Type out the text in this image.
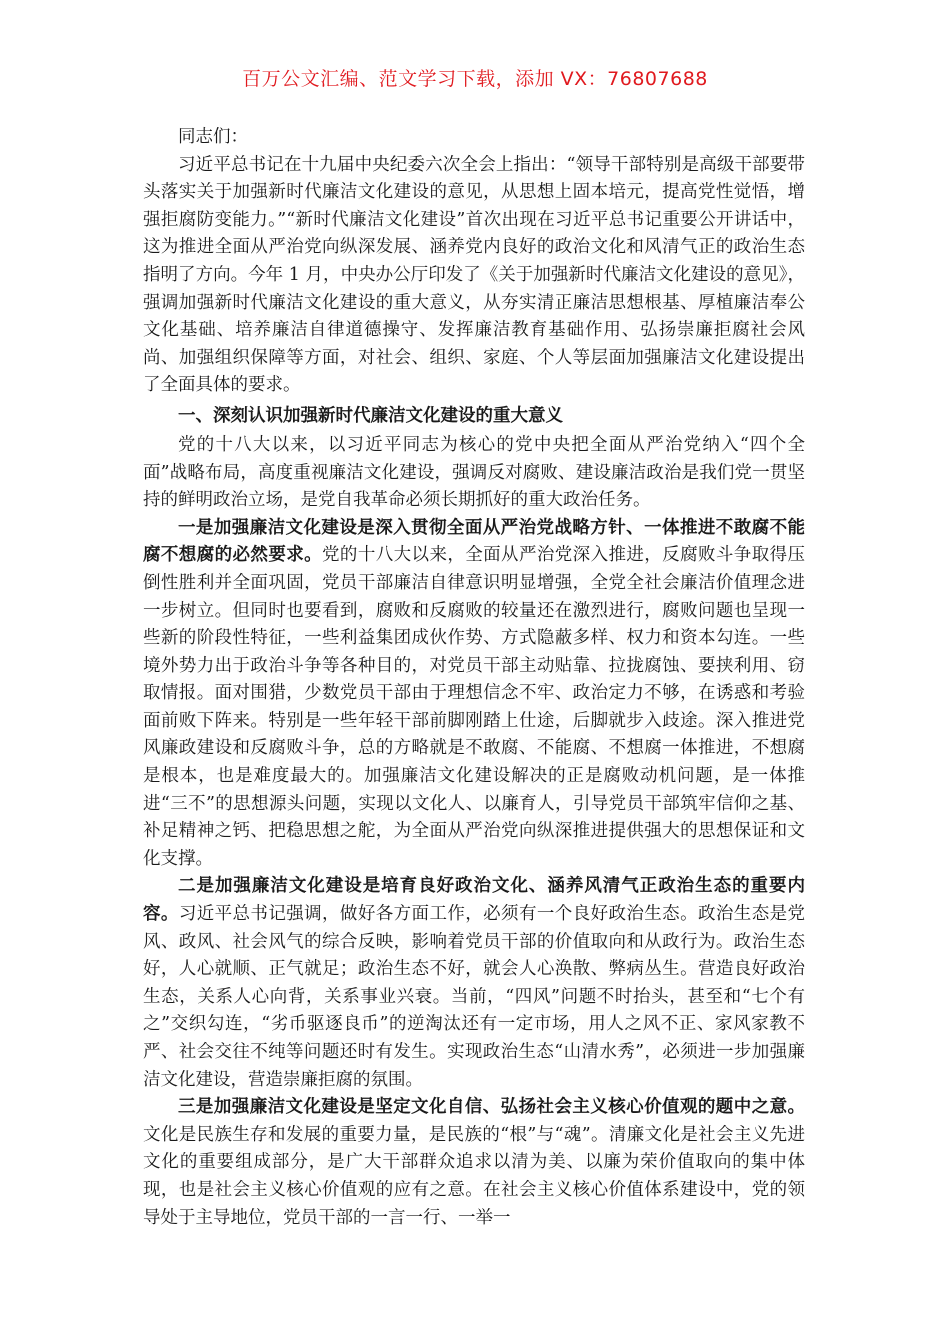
百万公文汇编、范文学习下载，添加 VX：76807688

同志们：

习近平总书记在十九届中央纪委六次全会上指出：“领导干部特别是高级干部要带头落实关于加强新时代廉洁文化建设的意见，从思想上固本培元，提高党性觉悟，增强拒腐防变能力。”“新时代廉洁文化建设”首次出现在习近平总书记重要公开讲话中，这为推进全面从严治党向纵深发展、涵养党内良好的政治文化和风清气正的政治生态指明了方向。今年 1 月，中央办公厅印发了《关于加强新时代廉洁文化建设的意见》，强调加强新时代廉洁文化建设的重大意义，从夯实清正廉洁思想根基、厚植廉洁奉公文化基础、培养廉洁自律道德操守、发挥廉洁教育基础作用、弘扬崇廉拒腐社会风尚、加强组织保障等方面，对社会、组织、家庭、个人等层面加强廉洁文化建设提出了全面具体的要求。

一、深刻认识加强新时代廉洁文化建设的重大意义

党的十八大以来，以习近平同志为核心的党中央把全面从严治党纳入“四个全面”战略布局，高度重视廉洁文化建设，强调反对腐败、建设廉洁政治是我们党一贯坚持的鲜明政治立场，是党自我革命必须长期抓好的重大政治任务。

一是加强廉洁文化建设是深入贯彻全面从严治党战略方针、一体推进不敢腐不能腐不想腐的必然要求。党的十八大以来，全面从严治党深入推进，反腐败斗争取得压倒性胜利并全面巩固，党员干部廉洁自律意识明显增强，全党全社会廉洁价值理念进一步树立。但同时也要看到，腐败和反腐败的较量还在激烈进行，腐败问题也呈现一些新的阶段性特征，一些利益集团成伙作势、方式隐蔽多样、权力和资本勾连。一些境外势力出于政治斗争等各种目的，对党员干部主动贴靠、拉拢腐蚀、要挟利用、窃取情报。面对围猎，少数党员干部由于理想信念不牢、政治定力不够，在诱惑和考验面前败下阵来。特别是一些年轻干部前脚刚踏上仕途，后脚就步入歧途。深入推进党风廉政建设和反腐败斗争，总的方略就是不敢腐、不能腐、不想腐一体推进，不想腐是根本，也是难度最大的。加强廉洁文化建设解决的正是腐败动机问题，是一体推进“三不”的思想源头问题，实现以文化人、以廉育人，引导党员干部筑牢信仰之基、补足精神之钙、把稳思想之舵，为全面从严治党向纵深推进提供强大的思想保证和文化支撑。

二是加强廉洁文化建设是培育良好政治文化、涵养风清气正政治生态的重要内容。习近平总书记强调，做好各方面工作，必须有一个良好政治生态。政治生态是党风、政风、社会风气的综合反映，影响着党员干部的价值取向和从政行为。政治生态好，人心就顺、正气就足；政治生态不好，就会人心涣散、弊病丛生。营造良好政治生态，关系人心向背，关系事业兴衰。当前，“四风”问题不时抬头，甚至和“七个有之”交织勾连，“劣币驱逐良币”的逆淘汰还有一定市场，用人之风不正、家风家教不严、社会交往不纯等问题还时有发生。实现政治生态“山清水秀”，必须进一步加强廉洁文化建设，营造崇廉拒腐的氛围。

三是加强廉洁文化建设是坚定文化自信、弘扬社会主义核心价值观的题中之意。文化是民族生存和发展的重要力量，是民族的“根”与“魂”。清廉文化是社会主义先进文化的重要组成部分，是广大干部群众追求以清为美、以廉为荣价值取向的集中体现，也是社会主义核心价值观的应有之意。在社会主义核心价值体系建设中，党的领导处于主导地位，党员干部的一言一行、一举一
